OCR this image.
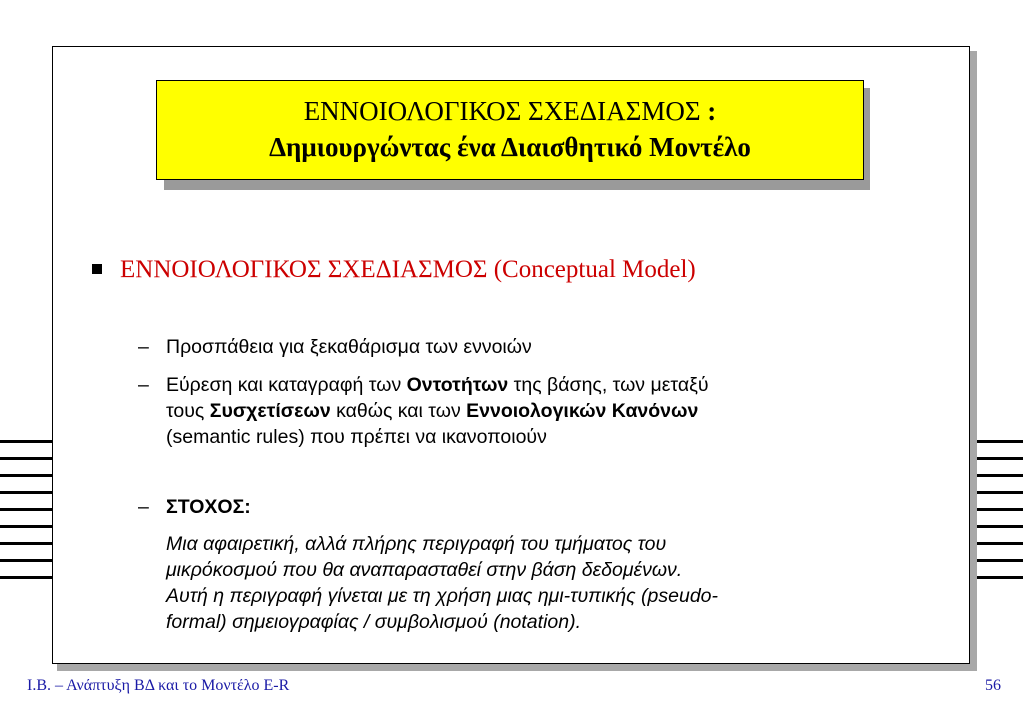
ΕΝΝΟΙΟΛΟΓΙΚΟΣ ΣΧΕΔΙΑΣΜΟΣ :
Δημιουργώντας ένα Διαισθητικό Μοντέλο
ΕΝΝΟΙΟΛΟΓΙΚΟΣ ΣΧΕΔΙΑΣΜΟΣ (Conceptual Model)
– Προσπάθεια για ξεκαθάρισμα των εννοιών
– Εύρεση και καταγραφή των Οντοτήτων της βάσης, των μεταξύ
τους Συσχετίσεων καθώς και των Εννοιολογικών Κανόνων
(semantic rules) που πρέπει να ικανοποιούν
– ΣΤΟΧΟΣ:
Μια αφαιρετική, αλλά πλήρης περιγραφή του τμήματος του
μικρόκοσμού που θα αναπαρασταθεί στην βάση δεδομένων.
Αυτή η περιγραφή γίνεται με τη χρήση μιας ημι-τυπικής (pseudo-
formal) σημειογραφίας / συμβολισμού (notation).
Ι.Β. – Ανάπτυξη ΒΔ και το Μοντέλο Ε-R	56
